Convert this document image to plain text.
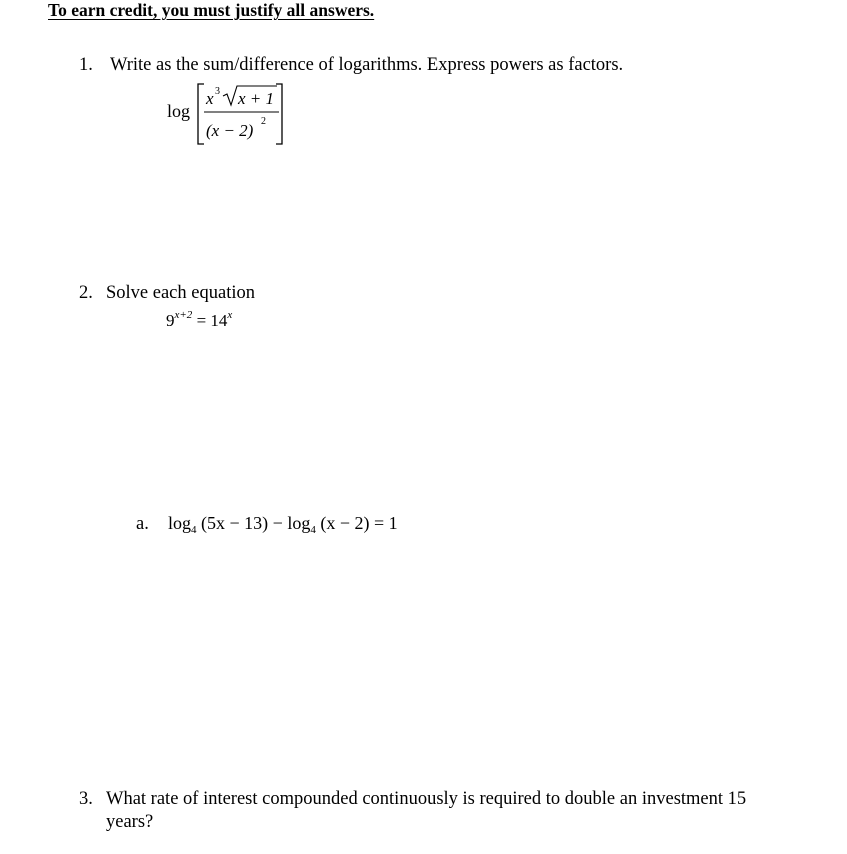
To earn credit, you must justify all answers.
1. Write as the sum/difference of logarithms. Express powers as factors.
log
x 3 x + 1
(x − 2) 2
2. Solve each equation
$9^{x+2} = 14^x$
a. $\log_4 (5x - 13) - \log_4 (x - 2) = 1$
3. What rate of interest compounded continuously is required to double an investment 15
years?
